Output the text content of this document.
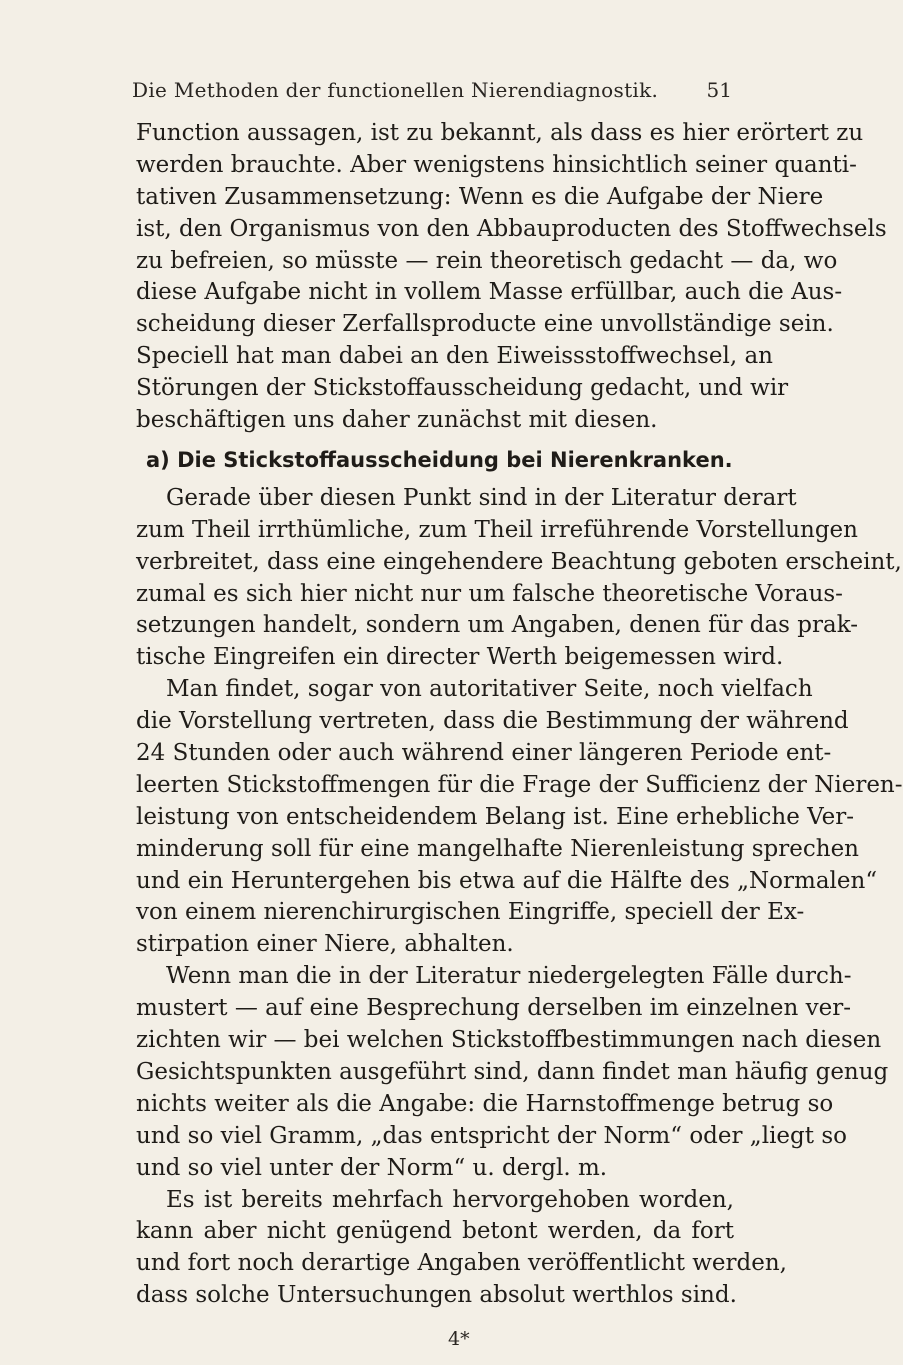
Die Methoden der functionellen Nierendiagnostik. 51
Function aussagen, ist zu bekannt, als dass es hier erörtert zu
werden brauchte. Aber wenigstens hinsichtlich seiner quanti-
tativen Zusammensetzung: Wenn es die Aufgabe der Niere
ist, den Organismus von den Abbauproducten des Stoffwechsels
zu befreien, so müsste — rein theoretisch gedacht — da, wo
diese Aufgabe nicht in vollem Masse erfüllbar, auch die Aus-
scheidung dieser Zerfallsproducte eine unvollständige sein.
Speciell hat man dabei an den Eiweissstoffwechsel, an
Störungen der Stickstoffausscheidung gedacht, und wir
beschäftigen uns daher zunächst mit diesen.
a) Die Stickstoffausscheidung bei Nierenkranken.
Gerade über diesen Punkt sind in der Literatur derart
zum Theil irrthümliche, zum Theil irreführende Vorstellungen
verbreitet, dass eine eingehendere Beachtung geboten erscheint,
zumal es sich hier nicht nur um falsche theoretische Voraus-
setzungen handelt, sondern um Angaben, denen für das prak-
tische Eingreifen ein directer Werth beigemessen wird.
Man findet, sogar von autoritativer Seite, noch vielfach
die Vorstellung vertreten, dass die Bestimmung der während
24 Stunden oder auch während einer längeren Periode ent-
leerten Stickstoffmengen für die Frage der Sufficienz der Nieren-
leistung von entscheidendem Belang ist. Eine erhebliche Ver-
minderung soll für eine mangelhafte Nierenleistung sprechen
und ein Heruntergehen bis etwa auf die Hälfte des „Normalen“
von einem nierenchirurgischen Eingriffe, speciell der Ex-
stirpation einer Niere, abhalten.
Wenn man die in der Literatur niedergelegten Fälle durch-
mustert — auf eine Besprechung derselben im einzelnen ver-
zichten wir — bei welchen Stickstoffbestimmungen nach diesen
Gesichtspunkten ausgeführt sind, dann findet man häufig genug
nichts weiter als die Angabe: die Harnstoffmenge betrug so
und so viel Gramm, „das entspricht der Norm“ oder „liegt so
und so viel unter der Norm“ u. dergl. m.
Es ist bereits mehrfach hervorgehoben worden,
kann aber nicht genügend betont werden, da fort
und fort noch derartige Angaben veröffentlicht werden,
dass solche Untersuchungen absolut werthlos sind.
4*
